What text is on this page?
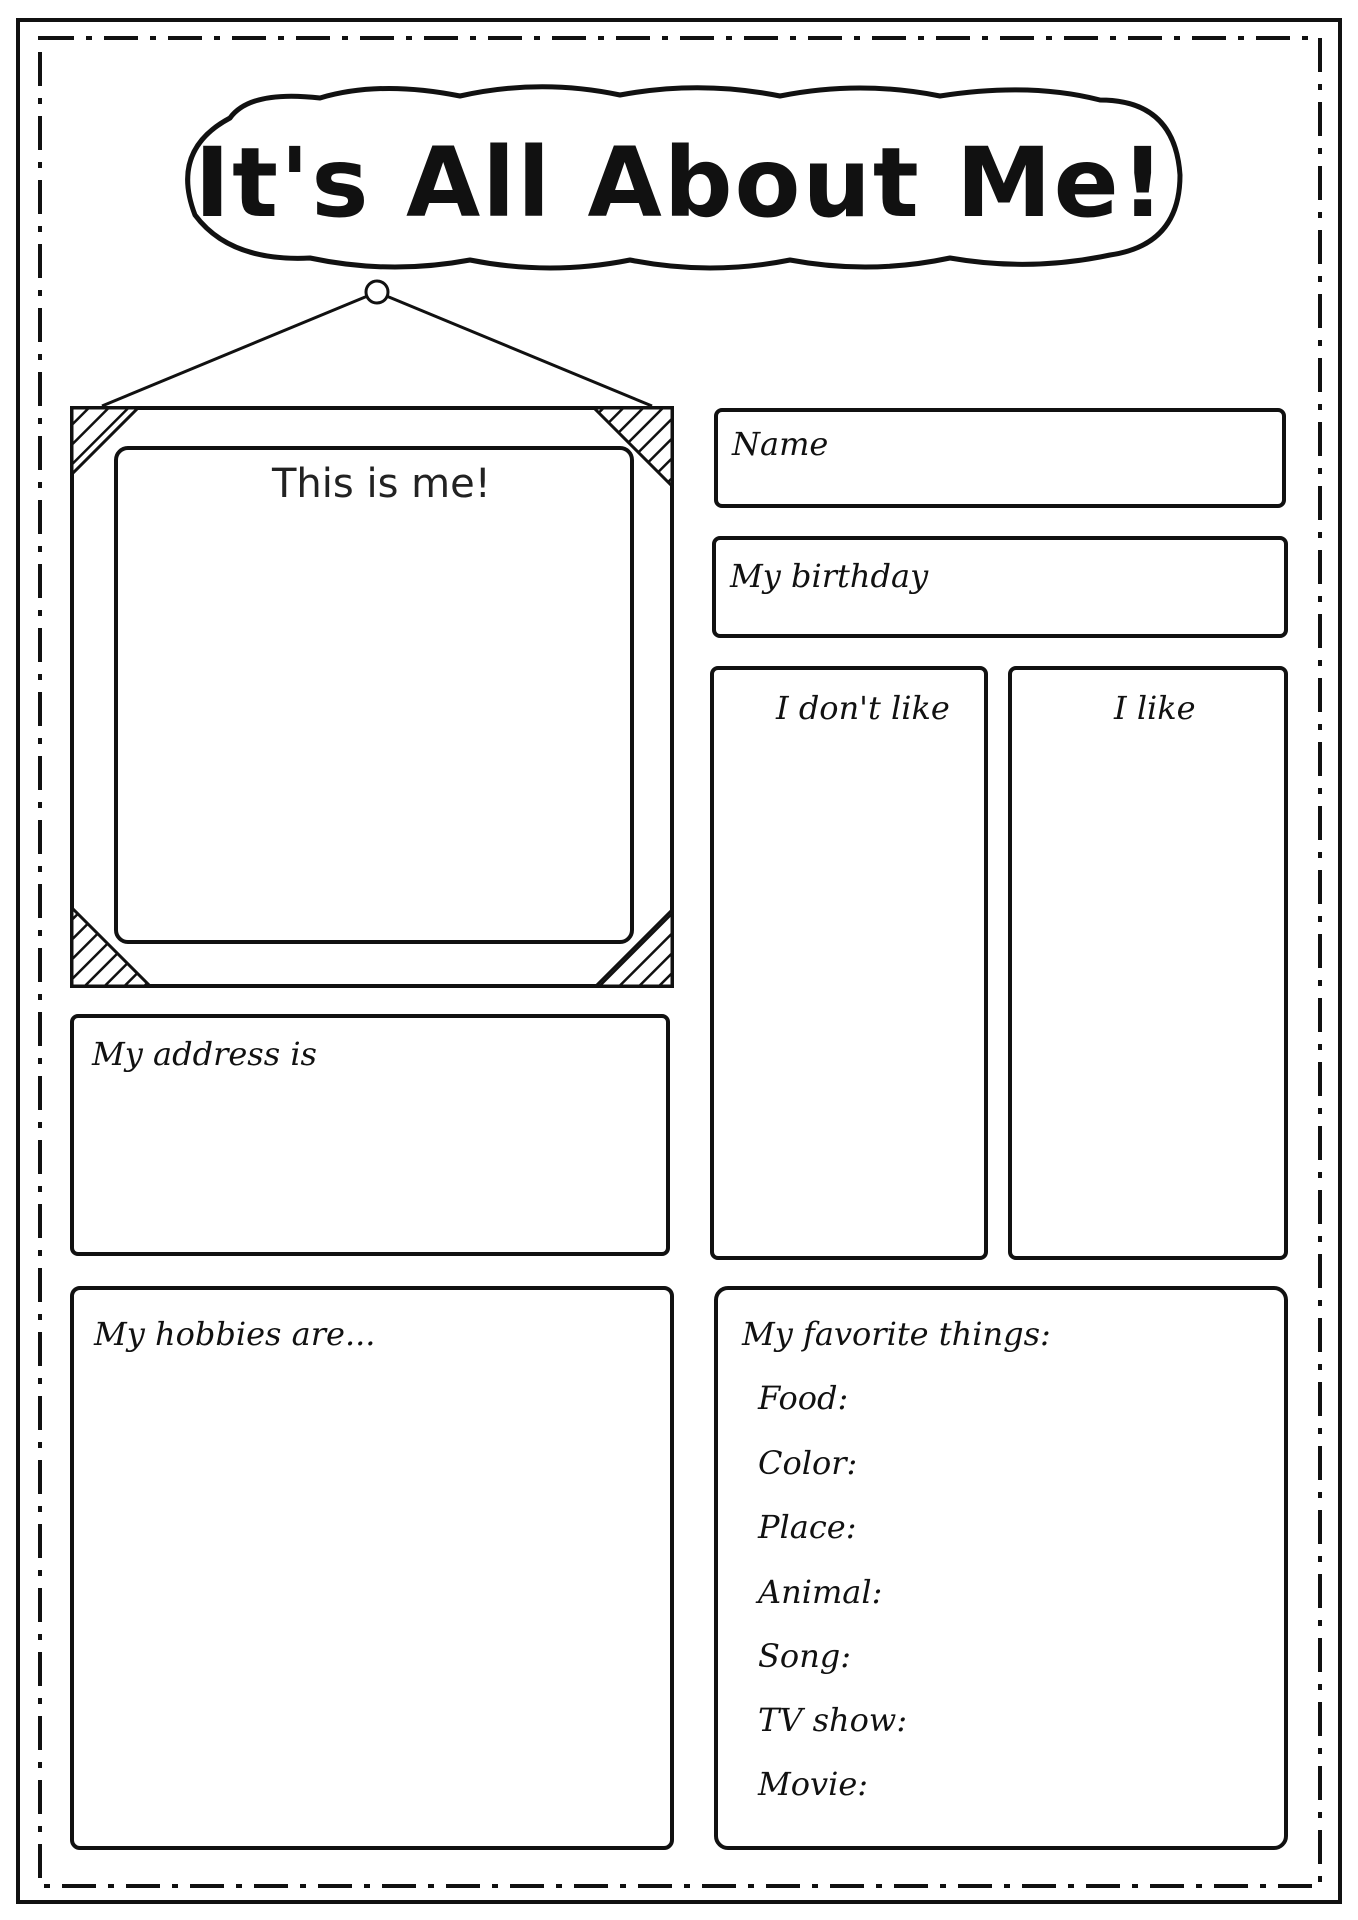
It's All About Me!
This is me!
Name
My birthday
I don't like	I like
My address is
My hobbies are...	My favorite things:
Food:
Color:
Place:
Animal:
Song:
TV show:
Movie:
